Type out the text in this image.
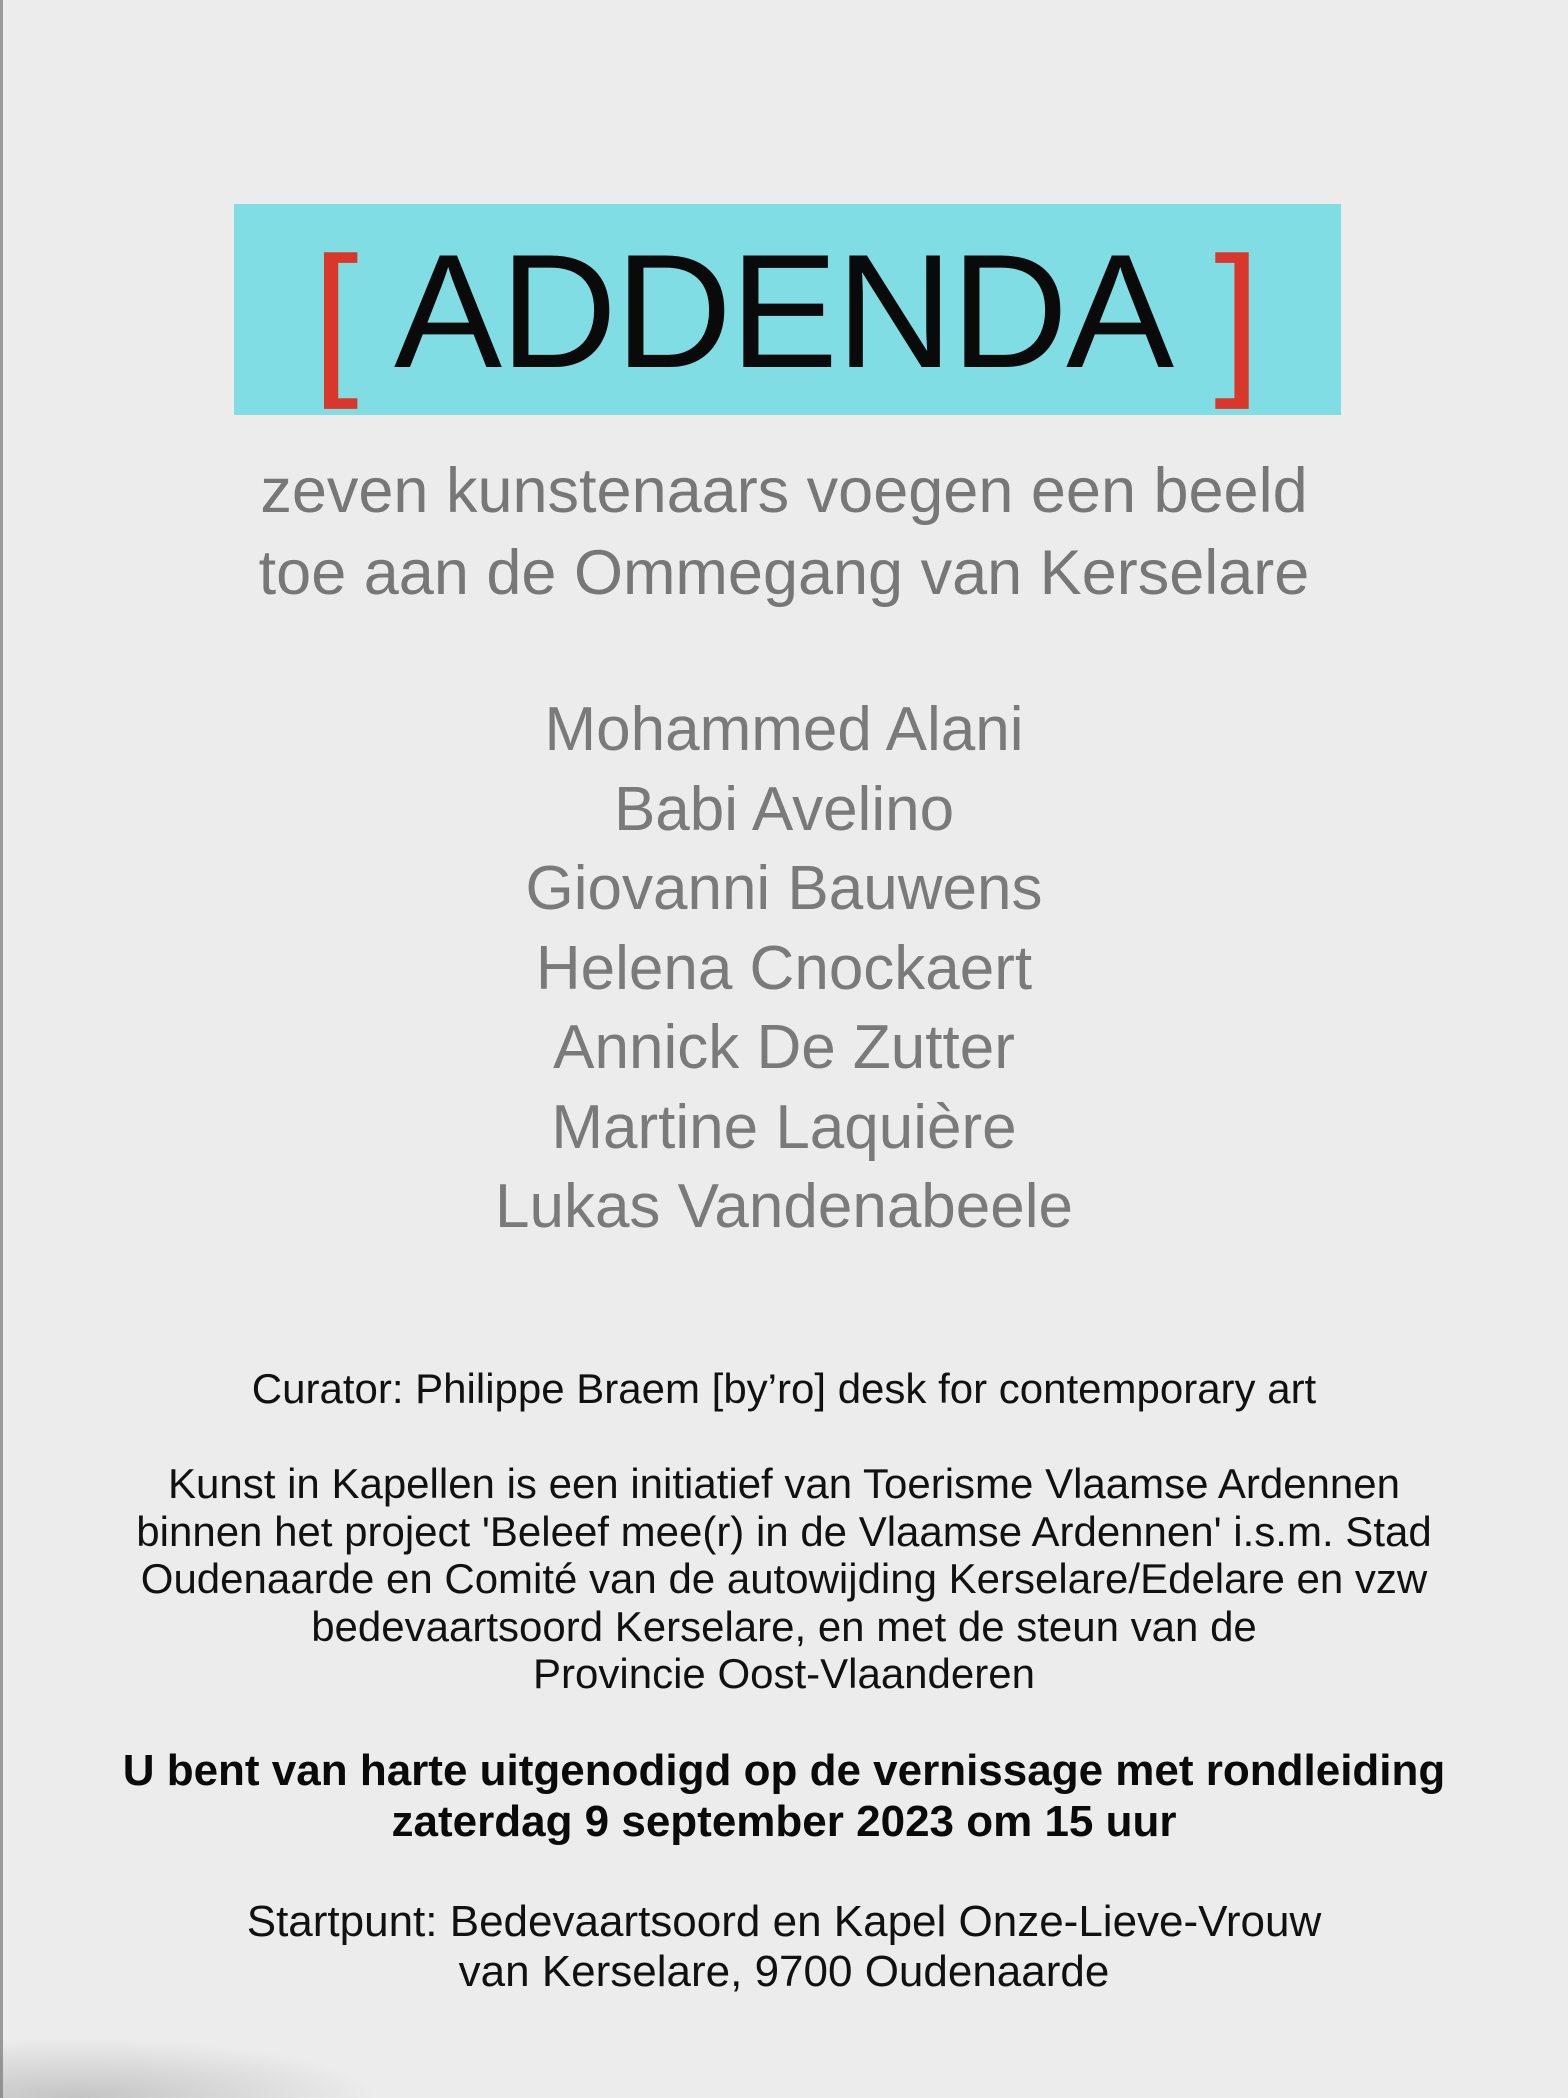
[ ADDENDA ]
zeven kunstenaars voegen een beeld
toe aan de Ommegang van Kerselare
Mohammed Alani
Babi Avelino
Giovanni Bauwens
Helena Cnockaert
Annick De Zutter
Martine Laquière
Lukas Vandenabeele
Curator: Philippe Braem [by’ro] desk for contemporary art
Kunst in Kapellen is een initiatief van Toerisme Vlaamse Ardennen
binnen het project 'Beleef mee(r) in de Vlaamse Ardennen' i.s.m. Stad
Oudenaarde en Comité van de autowijding Kerselare/Edelare en vzw
bedevaartsoord Kerselare, en met de steun van de
Provincie Oost-Vlaanderen
U bent van harte uitgenodigd op de vernissage met rondleiding
zaterdag 9 september 2023 om 15 uur
Startpunt: Bedevaartsoord en Kapel Onze-Lieve-Vrouw
van Kerselare, 9700 Oudenaarde
